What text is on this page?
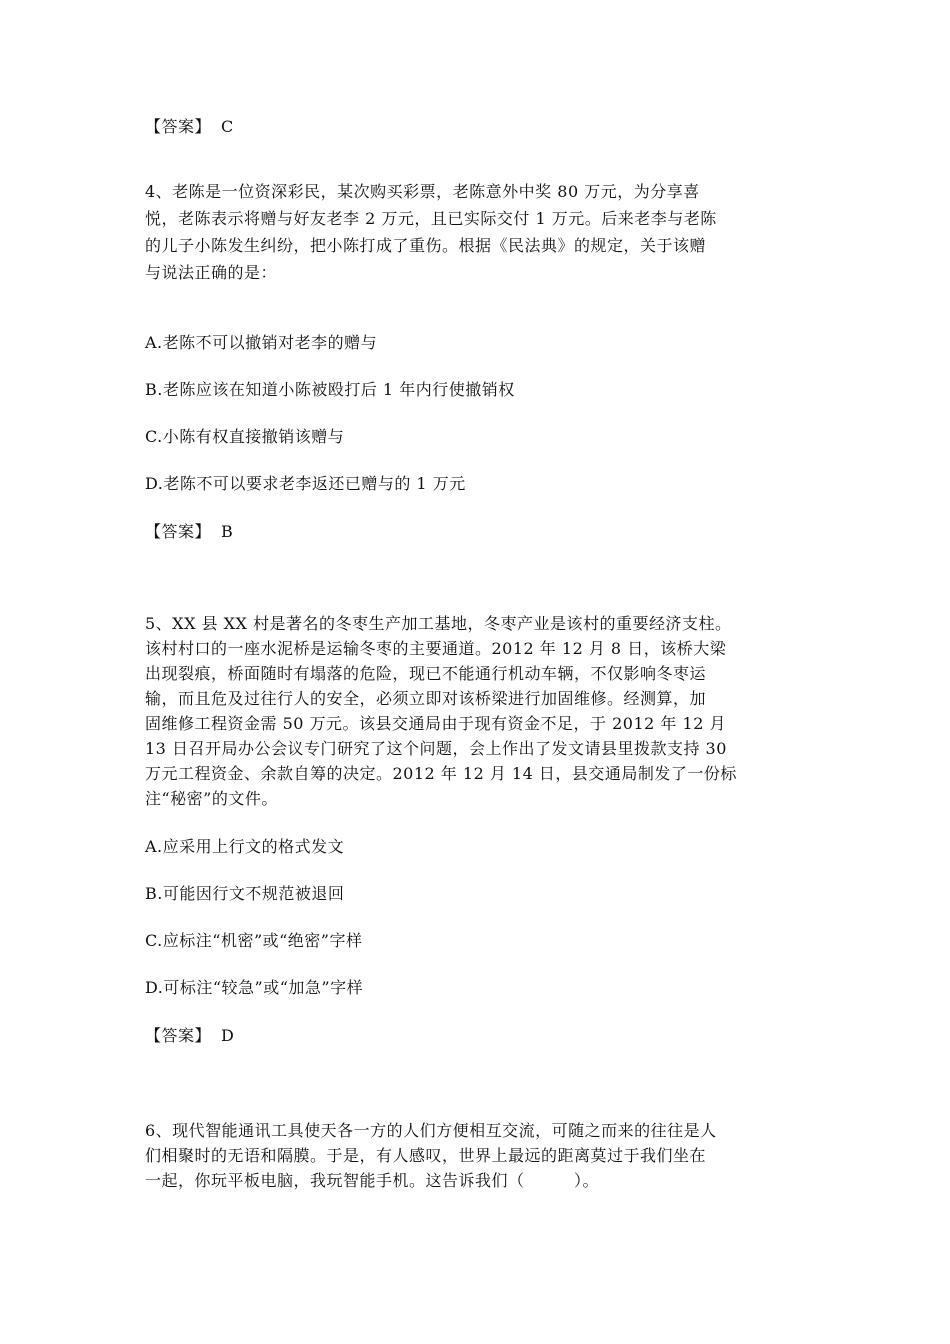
【答案】 C
4、老陈是一位资深彩民，某次购买彩票，老陈意外中奖 80 万元，为分享喜
悦，老陈表示将赠与好友老李 2 万元，且已实际交付 1 万元。后来老李与老陈
的儿子小陈发生纠纷，把小陈打成了重伤。根据《民法典》的规定，关于该赠
与说法正确的是：
A.老陈不可以撤销对老李的赠与
B.老陈应该在知道小陈被殴打后 1 年内行使撤销权
C.小陈有权直接撤销该赠与
D.老陈不可以要求老李返还已赠与的 1 万元
【答案】 B
5、XX 县 XX 村是著名的冬枣生产加工基地，冬枣产业是该村的重要经济支柱。
该村村口的一座水泥桥是运输冬枣的主要通道。2012 年 12 月 8 日，该桥大梁
出现裂痕，桥面随时有塌落的危险，现已不能通行机动车辆，不仅影响冬枣运
输，而且危及过往行人的安全，必须立即对该桥梁进行加固维修。经测算，加
固维修工程资金需 50 万元。该县交通局由于现有资金不足，于 2012 年 12 月
13 日召开局办公会议专门研究了这个问题，会上作出了发文请县里拨款支持 30
万元工程资金、余款自筹的决定。2012 年 12 月 14 日，县交通局制发了一份标
注“秘密”的文件。
A.应采用上行文的格式发文
B.可能因行文不规范被退回
C.应标注“机密”或“绝密”字样
D.可标注“较急”或“加急”字样
【答案】 D
6、现代智能通讯工具使天各一方的人们方便相互交流，可随之而来的往往是人
们相聚时的无语和隔膜。于是，有人感叹，世界上最远的距离莫过于我们坐在
一起，你玩平板电脑，我玩智能手机。这告诉我们（　　　）。
